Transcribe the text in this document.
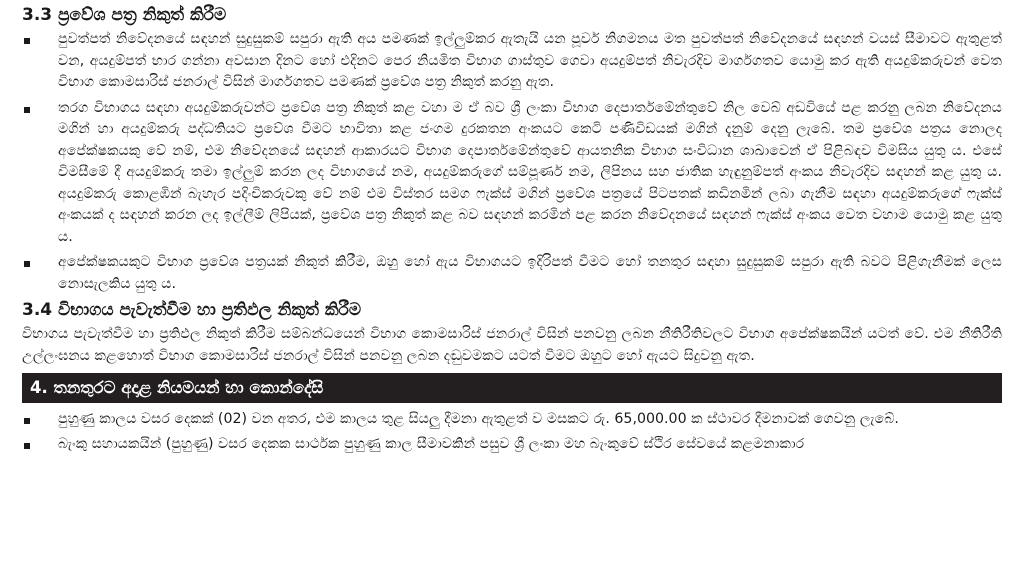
3.3 ප්‍රවේශ පත්‍ර නිකුත් කිරීම
පුවත්පත් නිවේදනයේ සඳහන් සුදුසුකම් සපුරා ඇති අය පමණක් ඉල්ලුම්කර ඇතැයි යන පූර්ව නිගමනය මත පුවත්පත් නිවේදනයේ සඳහන් වයස් සීමාවට ඇතුළත් වන, අයදුම්පත් භාර ගන්නා අවසාන දිනට හෝ එදිනට පෙර නියමිත විභාග ගාස්තුව ගෙවා අයදුම්පත් නිවැරදිව මාර්ගගතව යොමු කර ඇති අයදුම්කරුවන් වෙත විභාග කොමසාරිස් ජනරාල් විසින් මාර්ගගතව පමණක් ප්‍රවේශ පත්‍ර නිකුත් කරනු ඇත.
තරග විභාගය සඳහා අයදුම්කරුවන්ට ප්‍රවේශ පත්‍ර නිකුත් කළ වහා ම ඒ බව ශ්‍රී ලංකා විභාග දෙපාර්තමේන්තුවේ නිල වෙබ් අඩවියේ පළ කරනු ලබන නිවේදනය මගින් හා අයදුම්කරු පද්ධතියට ප්‍රවේශ වීමට භාවිතා කළ ජංගම දුරකතන අංකයට කෙටි පණිවිඩයක් මගින් දැනුම් දෙනු ලැබේ. තම ප්‍රවේශ පත්‍රය නොලද අපේක්ෂකයකු වේ නම්, එම නිවේදනයේ සඳහන් ආකාරයට විභාග දෙපාර්තමේන්තුවේ ආයතනික විභාග සංවිධාන ශාඛාවෙන් ඒ පිළිබඳව විමසිය යුතු ය. එසේ විමසීමේ දී අයදුම්කරු තමා ඉල්ලුම් කරන ලද විභාගයේ නම, අයදුම්කරුගේ සම්පූර්ණ නම, ලිපිනය සහ ජාතික හැඳුනුම්පත් අංකය නිවැරදිව සඳහන් කළ යුතු ය. අයදුම්කරු කොළඹින් බැහැර පදිංචිකරුවකු වේ නම් එම විස්තර සමග ෆැක්ස් මගින් ප්‍රවේශ පත්‍රයේ පිටපතක් කඩිනමින් ලබා ගැනීම සඳහා අයදුම්කරුගේ ෆැක්ස් අංකයක් ද සඳහන් කරන ලද ඉල්ලීම් ලිපියක්, ප්‍රවේශ පත්‍ර නිකුත් කළ බව සඳහන් කරමින් පළ කරන නිවේදනයේ සඳහන් ෆැක්ස් අංකය වෙත වහාම යොමු කළ යුතු ය.
අපේක්ෂකයකුට විභාග ප්‍රවේශ පත්‍රයක් නිකුත් කිරීම, ඔහු හෝ ඇය විභාගයට ඉදිරිපත් වීමට හෝ තනතුර සඳහා සුදුසුකම් සපුරා ඇති බවට පිළිගැනීමක් ලෙස නොසැලකිය යුතු ය.
3.4 විභාගය පැවැත්වීම හා ප්‍රතිඵල නිකුත් කිරීම
විභාගය පැවැත්වීම හා ප්‍රතිඵල නිකුත් කිරීම සම්බන්ධයෙන් විභාග කොමසාරිස් ජනරාල් විසින් පනවනු ලබන නීතිරීතිවලට විභාග අපේක්ෂකයින් යටත් වේ. එම නීතිරීති උල්ලංඝනය කළහොත් විභාග කොමසාරිස් ජනරාල් විසින් පනවනු ලබන දඬුවමකට යටත් වීමට ඔහුට හෝ ඇයට සිදුවනු ඇත.
4. තනතුරට අදාළ නියමයන් හා කොන්දේසි
පුහුණු කාලය වසර දෙකක් (02) වන අතර, එම කාලය තුළ සියලු දීමනා ඇතුළත් ව මසකට රු. 65,000.00 ක ස්ථාවර දීමනාවක් ගෙවනු ලැබේ.
බැංකු සහායකයින් (පුහුණු) වසර දෙකක සාර්ථක පුහුණු කාල සීමාවකින් පසුව ශ්‍රී ලංකා මහ බැංකුවේ ස්ථිර සේවයේ කළමනාකාර
